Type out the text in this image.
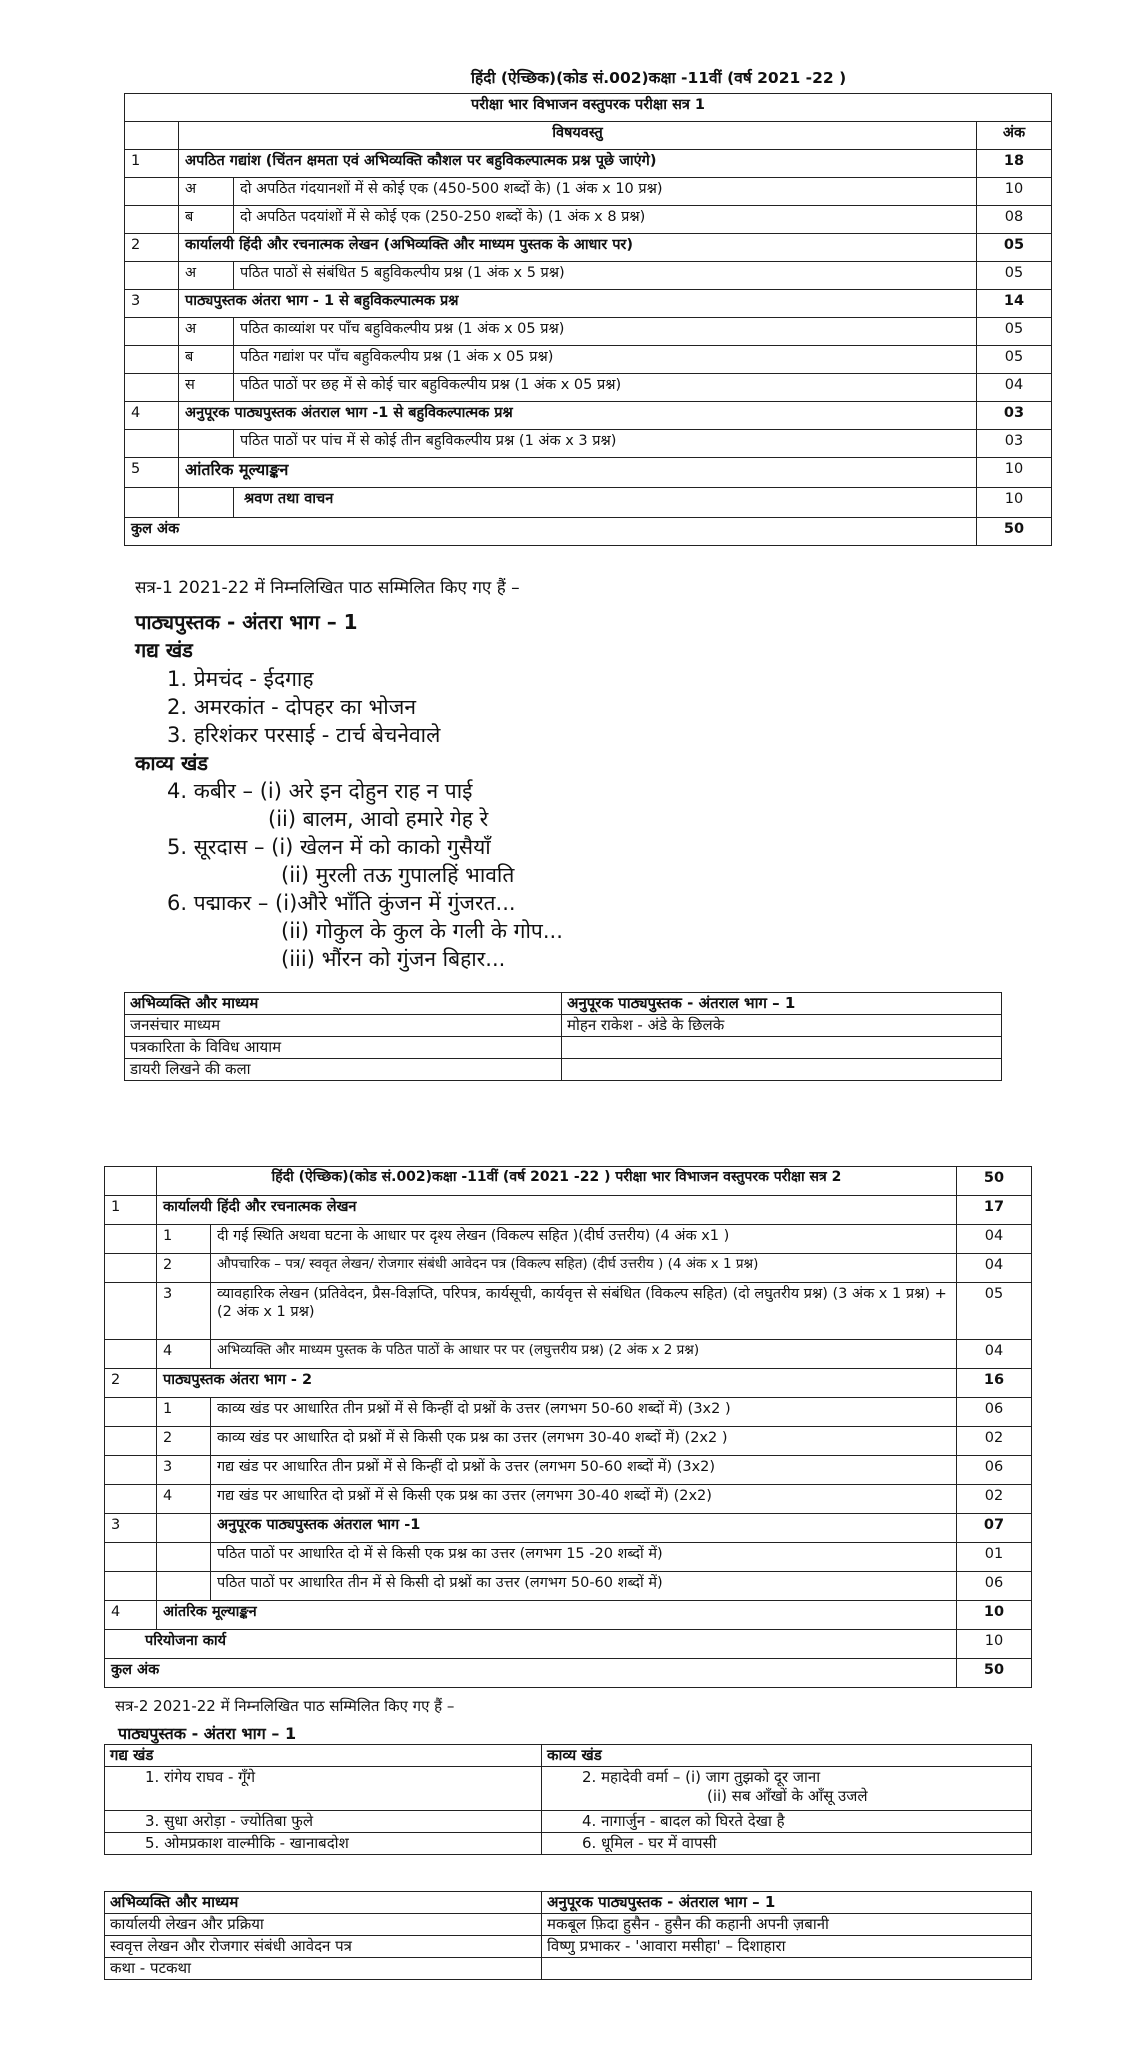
हिंदी (ऐच्छिक)(कोड सं.002)कक्षा -11वीं (वर्ष 2021 -22 )
परीक्षा भार विभाजन वस्तुपरक परीक्षा सत्र 1			
	विषयवस्तु		अंक
1	अपठित गद्यांश (चिंतन क्षमता एवं अभिव्यक्ति कौशल पर बहुविकल्पात्मक प्रश्न पूछे जाएंगे)		18
	अ	दो अपठित गंदयानशों में से कोई एक (450-500 शब्दों के) (1 अंक x 10 प्रश्न)	10
	ब	दो अपठित पदयांशों में से कोई एक (250-250 शब्दों के) (1 अंक x 8 प्रश्न)	08
2	कार्यालयी हिंदी और रचनात्मक लेखन (अभिव्यक्ति और माध्यम पुस्तक के आधार पर)		05
	अ	पठित पाठों से संबंधित 5 बहुविकल्पीय प्रश्न (1 अंक x 5 प्रश्न)	05
3	पाठ्यपुस्तक अंतरा भाग - 1 से बहुविकल्पात्मक प्रश्न		14
	अ	पठित काव्यांश पर पाँच बहुविकल्पीय प्रश्न (1 अंक x 05 प्रश्न)	05
	ब	पठित गद्यांश पर पाँच बहुविकल्पीय प्रश्न (1 अंक x 05 प्रश्न)	05
	स	पठित पाठों पर छह में से कोई चार बहुविकल्पीय प्रश्न (1 अंक x 05 प्रश्न)	04
4	अनुपूरक पाठ्यपुस्तक अंतराल भाग -1 से बहुविकल्पात्मक प्रश्न		03
		पठित पाठों पर पांच में से कोई तीन बहुविकल्पीय प्रश्न (1 अंक x 3 प्रश्न)	03
5	आंतरिक मूल्याङ्कन		10
		श्रवण तथा वाचन	10
कुल अंक			50
सत्र-1 2021-22 में निम्नलिखित पाठ सम्मिलित किए गए हैं –
पाठ्यपुस्तक - अंतरा भाग – 1
गद्य खंड
1. प्रेमचंद - ईदगाह
2. अमरकांत - दोपहर का भोजन
3. हरिशंकर परसाई - टार्च बेचनेवाले
काव्य खंड
4. कबीर – (i) अरे इन दोहुन राह न पाई
(ii) बालम, आवो हमारे गेह रे
5. सूरदास – (i) खेलन में को काको गुसैयाँ
(ii) मुरली तऊ गुपालहिं भावति
6. पद्माकर – (i)औरे भाँति कुंजन में गुंजरत...
(ii) गोकुल के कुल के गली के गोप...
(iii) भौंरन को गुंजन बिहार...
अभिव्यक्ति और माध्यम	अनुपूरक पाठ्यपुस्तक - अंतराल भाग – 1
जनसंचार माध्यम	मोहन राकेश - अंडे के छिलके
पत्रकारिता के विविध आयाम	
डायरी लिखने की कला	
	हिंदी (ऐच्छिक)(कोड सं.002)कक्षा -11वीं (वर्ष 2021 -22 ) परीक्षा भार विभाजन वस्तुपरक परीक्षा सत्र 2		50
1	कार्यालयी हिंदी और रचनात्मक लेखन		17
	1	दी गई स्थिति अथवा घटना के आधार पर दृश्य लेखन (विकल्प सहित )(दीर्घ उत्तरीय) (4 अंक x1 )	04
	2	औपचारिक – पत्र/ स्ववृत लेखन/ रोजगार संबंधी आवेदन पत्र (विकल्प सहित) (दीर्घ उत्तरीय ) (4 अंक x 1 प्रश्न)	04
	3	व्यावहारिक लेखन (प्रतिवेदन, प्रैस-विज्ञप्ति, परिपत्र, कार्यसूची, कार्यवृत्त से संबंधित (विकल्प सहित) (दो लघुतरीय प्रश्न) (3 अंक x 1 प्रश्न) + (2 अंक x 1 प्रश्न)	05
	4	अभिव्यक्ति और माध्यम पुस्तक के पठित पाठों के आधार पर पर (लघुत्तरीय प्रश्न) (2 अंक x 2 प्रश्न)	04
2	पाठ्यपुस्तक अंतरा भाग - 2		16
	1	काव्य खंड पर आधारित तीन प्रश्नों में से किन्हीं दो प्रश्नों के उत्तर (लगभग 50-60 शब्दों में) (3x2 )	06
	2	काव्य खंड पर आधारित दो प्रश्नों में से किसी एक प्रश्न का उत्तर (लगभग 30-40 शब्दों में) (2x2 )	02
	3	गद्य खंड पर आधारित तीन प्रश्नों में से किन्हीं दो प्रश्नों के उत्तर (लगभग 50-60 शब्दों में) (3x2)	06
	4	गद्य खंड पर आधारित दो प्रश्नों में से किसी एक प्रश्न का उत्तर (लगभग 30-40 शब्दों में) (2x2)	02
3		अनुपूरक पाठ्यपुस्तक अंतराल भाग -1	07
		पठित पाठों पर आधारित दो में से किसी एक प्रश्न का उत्तर (लगभग 15 -20 शब्दों में)	01
		पठित पाठों पर आधारित तीन में से किसी दो प्रश्नों का उत्तर (लगभग 50-60 शब्दों में)	06
4	आंतरिक मूल्याङ्कन		10
परियोजना कार्य			10
कुल अंक			50
सत्र-2 2021-22 में निम्नलिखित पाठ सम्मिलित किए गए हैं –
पाठ्यपुस्तक - अंतरा भाग – 1
गद्य खंड	काव्य खंड
1. रांगेय राघव - गूँगे	2. महादेवी वर्मा – (i) जाग तुझको दूर जाना
(ii) सब आँखों के आँसू उजले

3. सुधा अरोड़ा - ज्योतिबा फुले	4. नागार्जुन - बादल को घिरते देखा है
5. ओमप्रकाश वाल्मीकि - खानाबदोश	6. धूमिल - घर में वापसी
अभिव्यक्ति और माध्यम	अनुपूरक पाठ्यपुस्तक - अंतराल भाग – 1
कार्यालयी लेखन और प्रक्रिया	मकबूल फ़िदा हुसैन - हुसैन की कहानी अपनी ज़बानी
स्ववृत्त लेखन और रोजगार संबंधी आवेदन पत्र	विष्णु प्रभाकर - 'आवारा मसीहा' – दिशाहारा
कथा - पटकथा	
